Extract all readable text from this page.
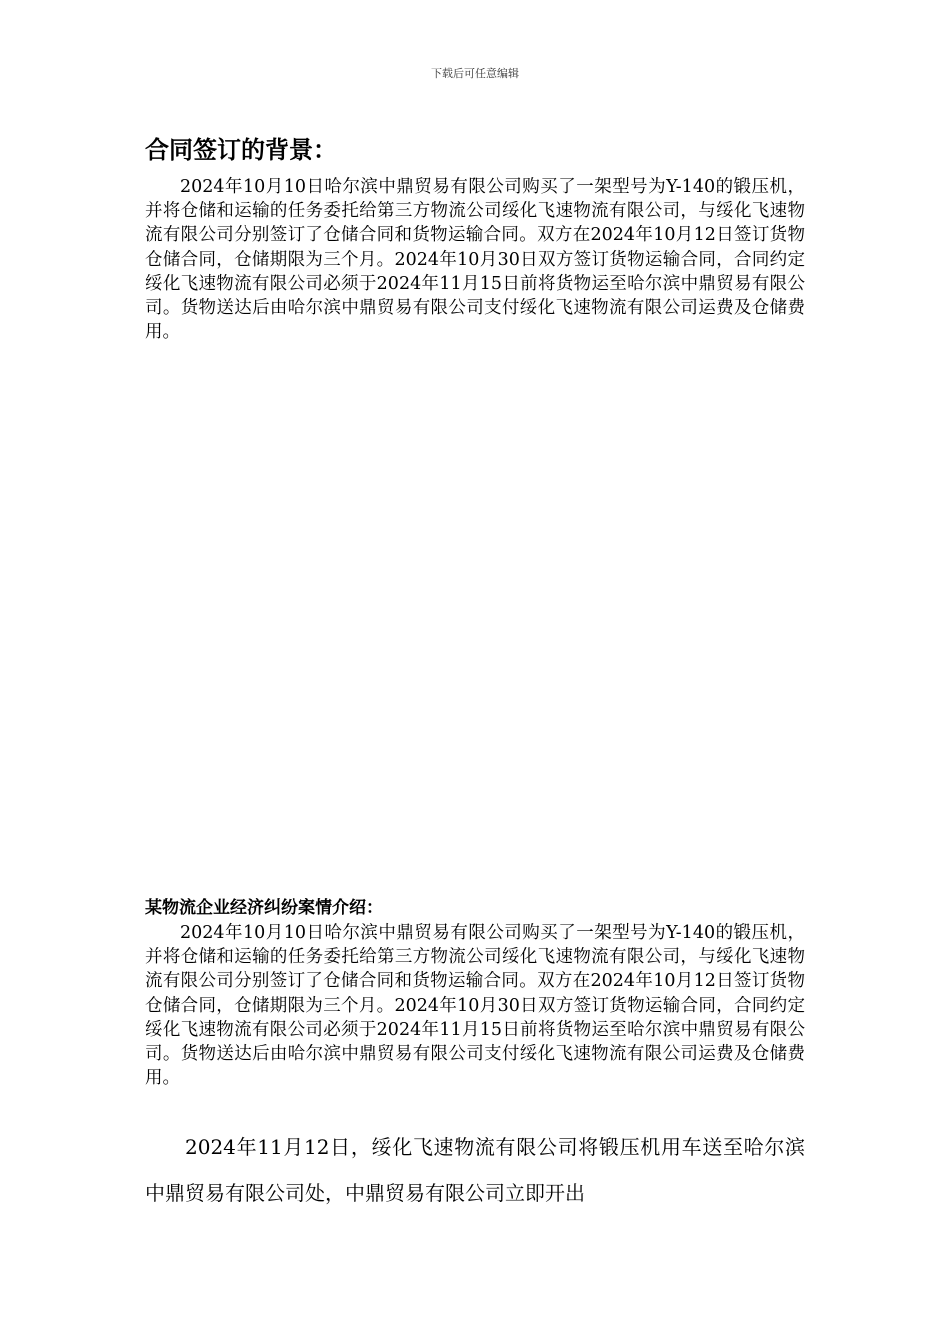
下载后可任意编辑
合同签订的背景：

2024年10月10日哈尔滨中鼎贸易有限公司购买了一架型号为Y-140的锻压机，并将仓储和运输的任务委托给第三方物流公司绥化飞速物流有限公司，与绥化飞速物流有限公司分别签订了仓储合同和货物运输合同。双方在2024年10月12日签订货物仓储合同，仓储期限为三个月。2024年10月30日双方签订货物运输合同，合同约定绥化飞速物流有限公司必须于2024年11月15日前将货物运至哈尔滨中鼎贸易有限公司。货物送达后由哈尔滨中鼎贸易有限公司支付绥化飞速物流有限公司运费及仓储费用。

某物流企业经济纠纷案情介绍：

2024年10月10日哈尔滨中鼎贸易有限公司购买了一架型号为Y-140的锻压机，并将仓储和运输的任务委托给第三方物流公司绥化飞速物流有限公司，与绥化飞速物流有限公司分别签订了仓储合同和货物运输合同。双方在2024年10月12日签订货物仓储合同，仓储期限为三个月。2024年10月30日双方签订货物运输合同，合同约定绥化飞速物流有限公司必须于2024年11月15日前将货物运至哈尔滨中鼎贸易有限公司。货物送达后由哈尔滨中鼎贸易有限公司支付绥化飞速物流有限公司运费及仓储费用。

2024年11月12日，绥化飞速物流有限公司将锻压机用车送至哈尔滨中鼎贸易有限公司处，中鼎贸易有限公司立即开出
